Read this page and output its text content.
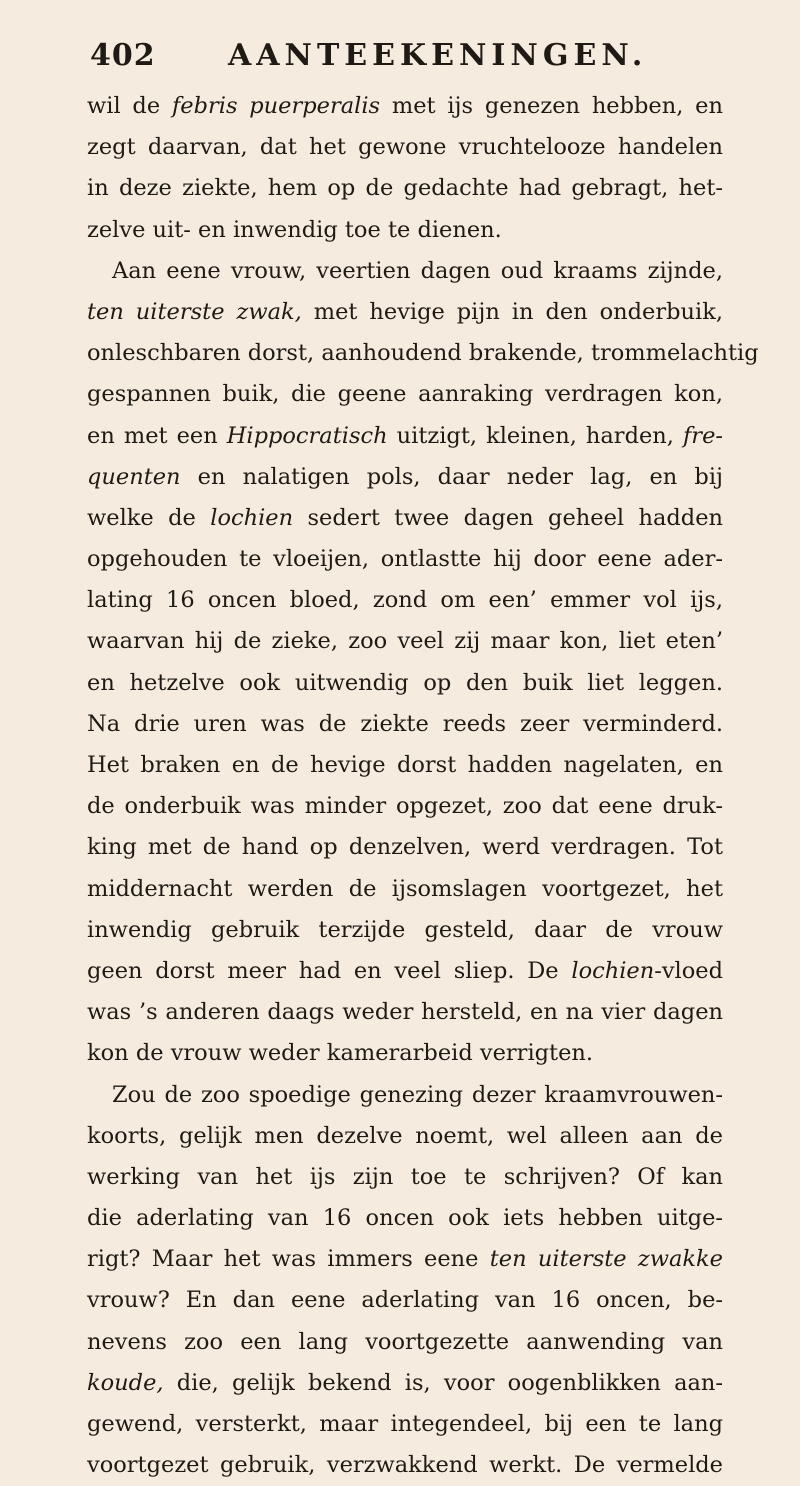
402 AANTEEKENINGEN.
wil de febris puerperalis met ijs genezen hebben, en
zegt daarvan, dat het gewone vruchtelooze handelen
in deze ziekte, hem op de gedachte had gebragt, het-
zelve uit- en inwendig toe te dienen.
Aan eene vrouw, veertien dagen oud kraams zijnde,
ten uiterste zwak, met hevige pijn in den onderbuik,
onleschbaren dorst, aanhoudend brakende, trommelachtig
gespannen buik, die geene aanraking verdragen kon,
en met een Hippocratisch uitzigt, kleinen, harden, fre-
quenten en nalatigen pols, daar neder lag, en bij
welke de lochien sedert twee dagen geheel hadden
opgehouden te vloeijen, ontlastte hij door eene ader-
lating 16 oncen bloed, zond om een’ emmer vol ijs,
waarvan hij de zieke, zoo veel zij maar kon, liet eten’
en hetzelve ook uitwendig op den buik liet leggen.
Na drie uren was de ziekte reeds zeer verminderd.
Het braken en de hevige dorst hadden nagelaten, en
de onderbuik was minder opgezet, zoo dat eene druk-
king met de hand op denzelven, werd verdragen. Tot
middernacht werden de ijsomslagen voortgezet, het
inwendig gebruik terzijde gesteld, daar de vrouw
geen dorst meer had en veel sliep. De lochien-vloed
was ’s anderen daags weder hersteld, en na vier dagen
kon de vrouw weder kamerarbeid verrigten.
Zou de zoo spoedige genezing dezer kraamvrouwen-
koorts, gelijk men dezelve noemt, wel alleen aan de
werking van het ijs zijn toe te schrijven? Of kan
die aderlating van 16 oncen ook iets hebben uitge-
rigt? Maar het was immers eene ten uiterste zwakke
vrouw? En dan eene aderlating van 16 oncen, be-
nevens zoo een lang voortgezette aanwending van
koude, die, gelijk bekend is, voor oogenblikken aan-
gewend, versterkt, maar integendeel, bij een te lang
voortgezet gebruik, verzwakkend werkt. De vermelde
